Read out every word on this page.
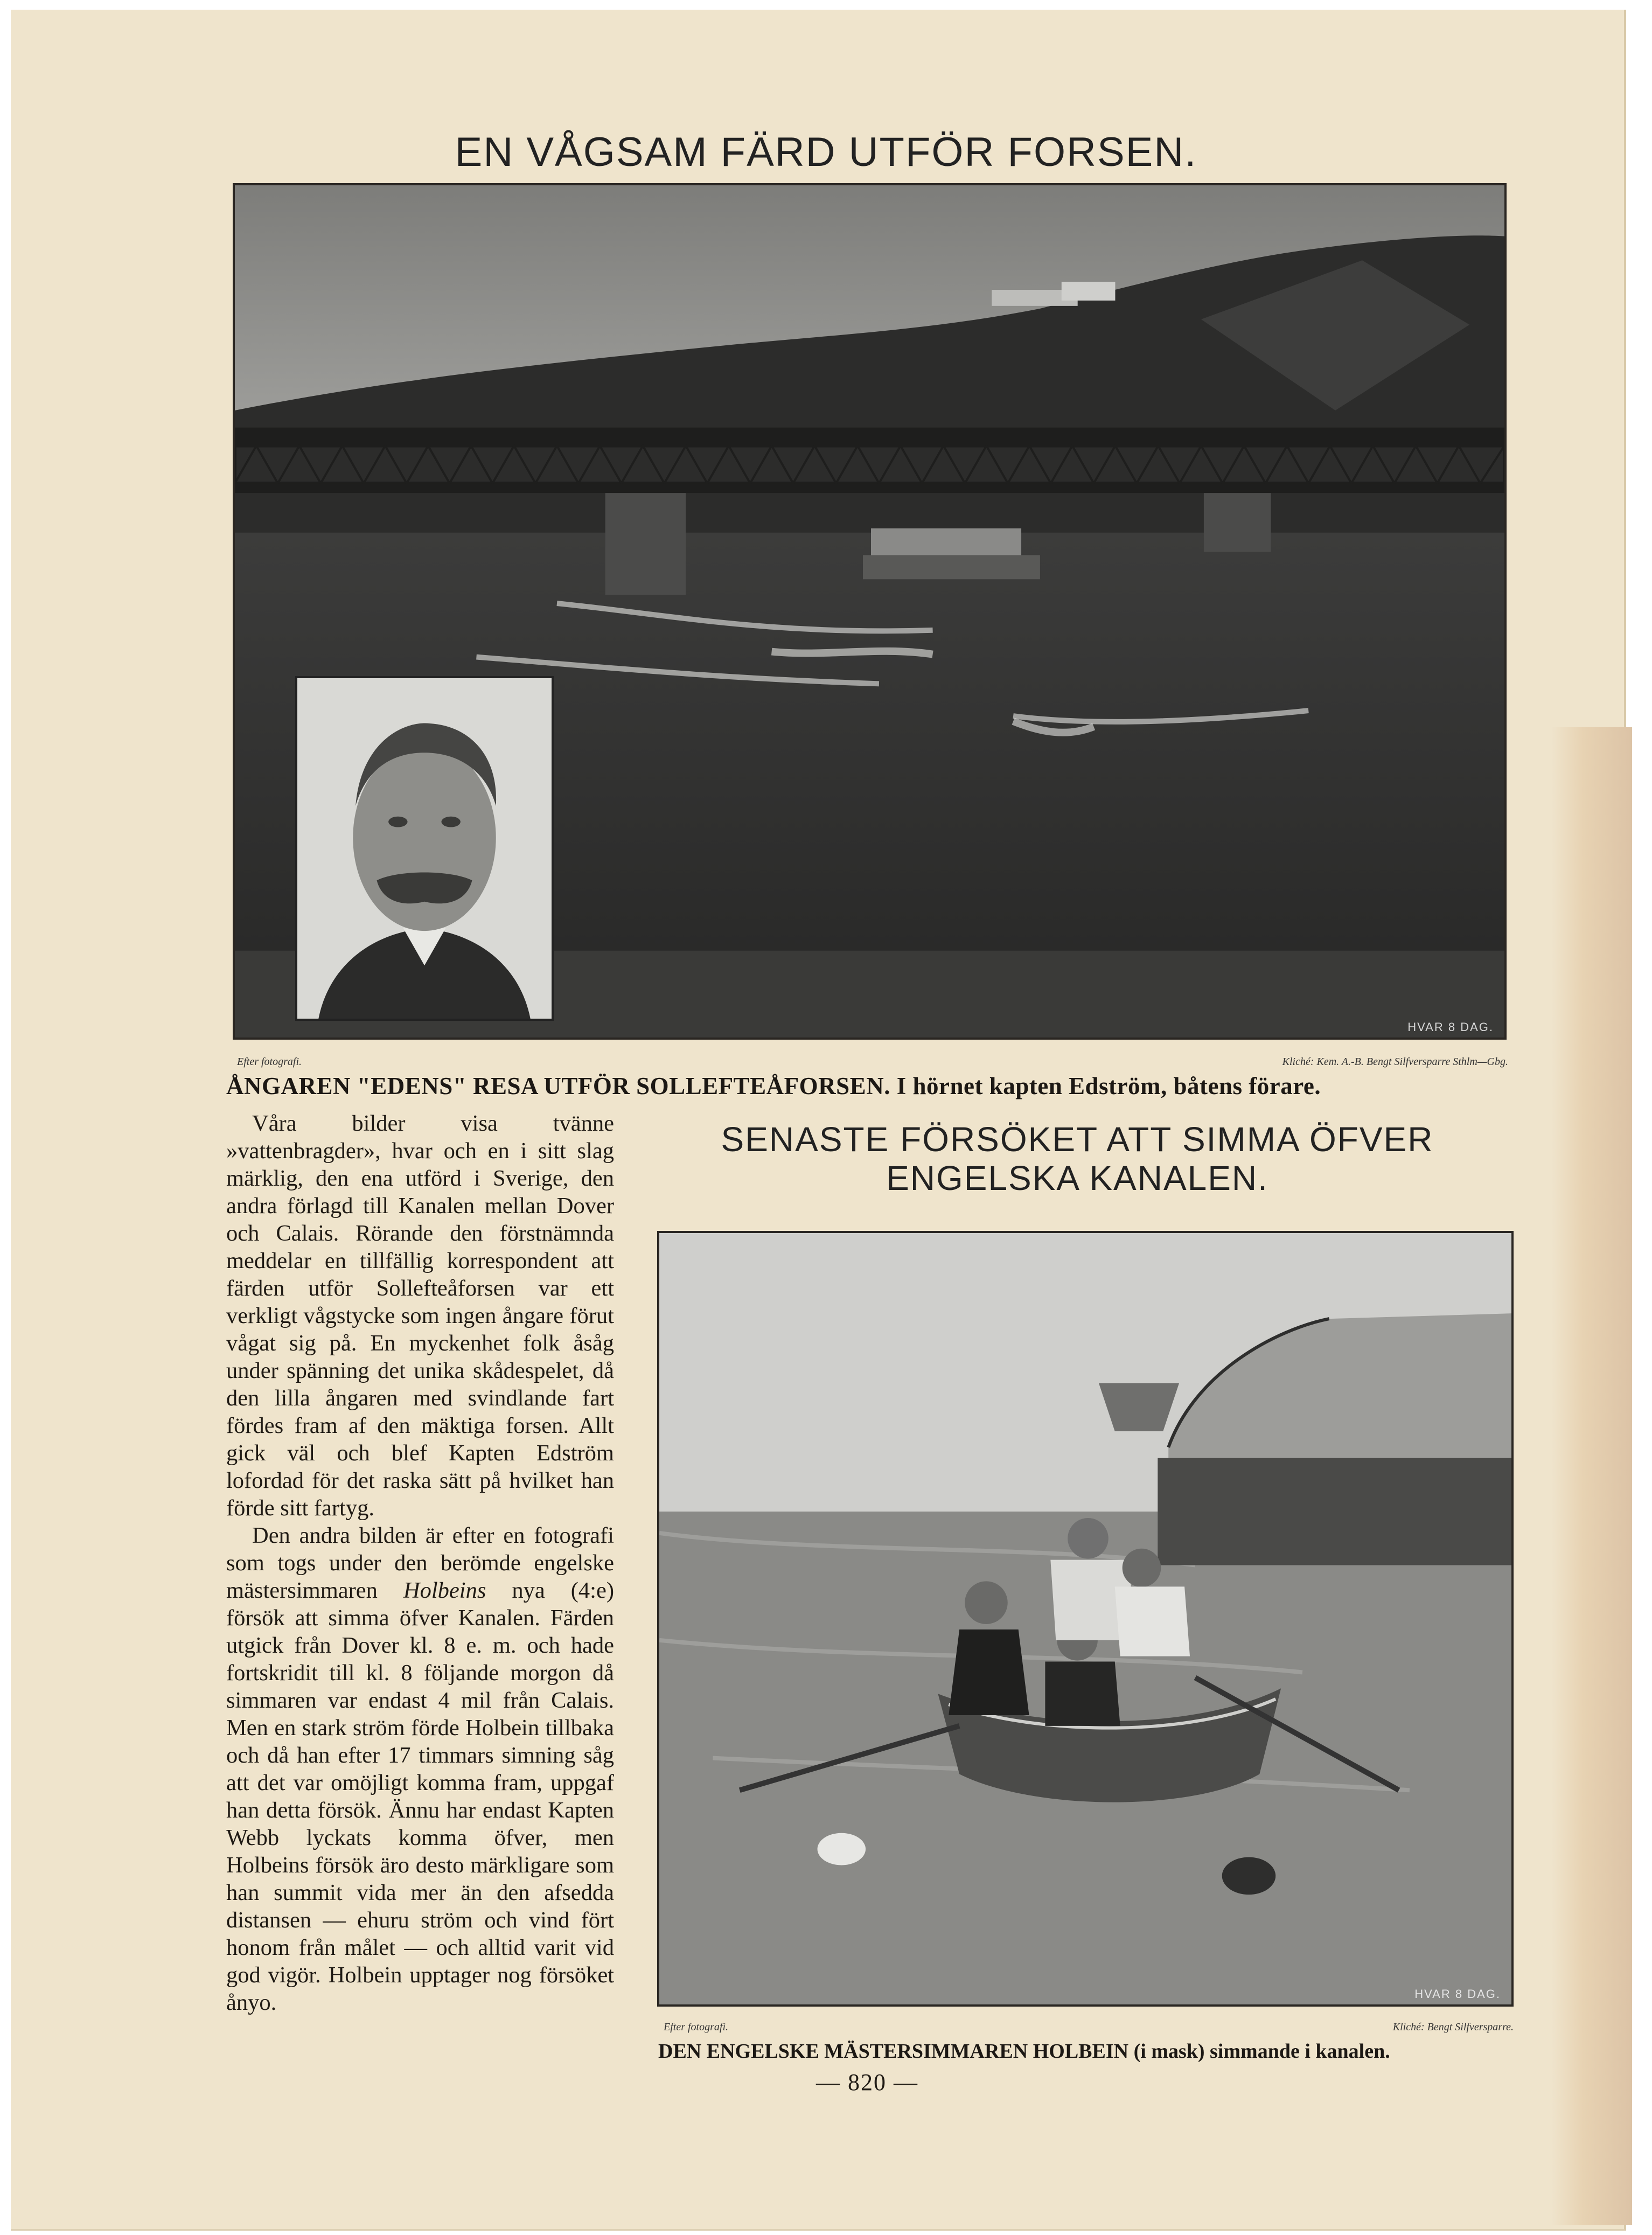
EN VÅGSAM FÄRD UTFÖR FORSEN.
HVAR 8 DAG.
Efter fotografi.	Kliché: Kem. A.-B. Bengt Silfversparre Sthlm—Gbg.
ÅNGAREN "EDENS" RESA UTFÖR SOLLEFTEÅFORSEN. I hörnet kapten Edström, båtens förare.

Våra bilder visa tvänne »vattenbragder», hvar och en i sitt slag märklig, den ena utförd i Sverige, den andra förlagd till Kanalen mellan Dover och Calais. Rörande den förstnämnda meddelar en tillfällig korrespondent att färden utför Sollefteåforsen var ett verkligt vågstycke som ingen ångare förut vågat sig på. En myckenhet folk åsåg under spänning det unika skådespelet, då den lilla ångaren med svindlande fart fördes fram af den mäktiga forsen. Allt gick väl och blef Kapten Edström lofordad för det raska sätt på hvilket han förde sitt fartyg.

Den andra bilden är efter en fotografi som togs under den berömde engelske mästersimmaren Holbeins nya (4:e) försök att simma öfver Kanalen. Färden utgick från Dover kl. 8 e. m. och hade fortskridit till kl. 8 följande morgon då simmaren var endast 4 mil från Calais. Men en stark ström förde Holbein tillbaka och då han efter 17 timmars simning såg att det var omöjligt komma fram, uppgaf han detta försök. Ännu har endast Kapten Webb lyckats komma öfver, men Holbeins försök äro desto märkligare som han summit vida mer än den afsedda distansen — ehuru ström och vind fört honom från målet — och alltid varit vid god vigör. Holbein upptager nog försöket ånyo.

SENASTE FÖRSÖKET ATT SIMMA ÖFVER
ENGELSKA KANALEN.
HVAR 8 DAG.
Efter fotografi.	Kliché: Bengt Silfversparre.
DEN ENGELSKE MÄSTERSIMMAREN HOLBEIN (i mask) simmande i kanalen.
— 820 —
